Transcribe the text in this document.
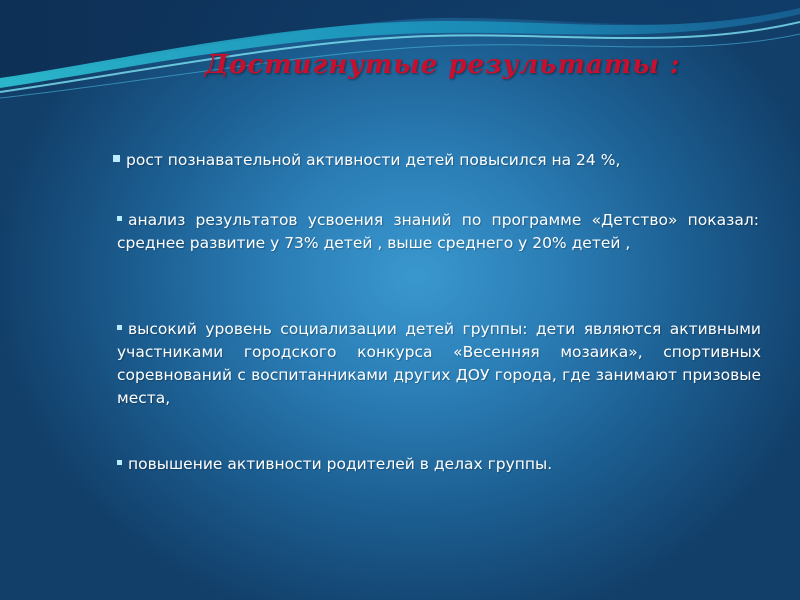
Достигнутые результаты :
рост познавательной активности детей повысился на 24 %,
анализ результатов усвоения знаний по программе «Детство» показал: среднее развитие у 73% детей , выше среднего у 20% детей ,
высокий уровень социализации детей группы: дети являются активными участниками городского конкурса «Весенняя мозаика», спортивных соревнований с воспитанниками других ДОУ города, где занимают призовые места,
повышение активности родителей в делах группы.
